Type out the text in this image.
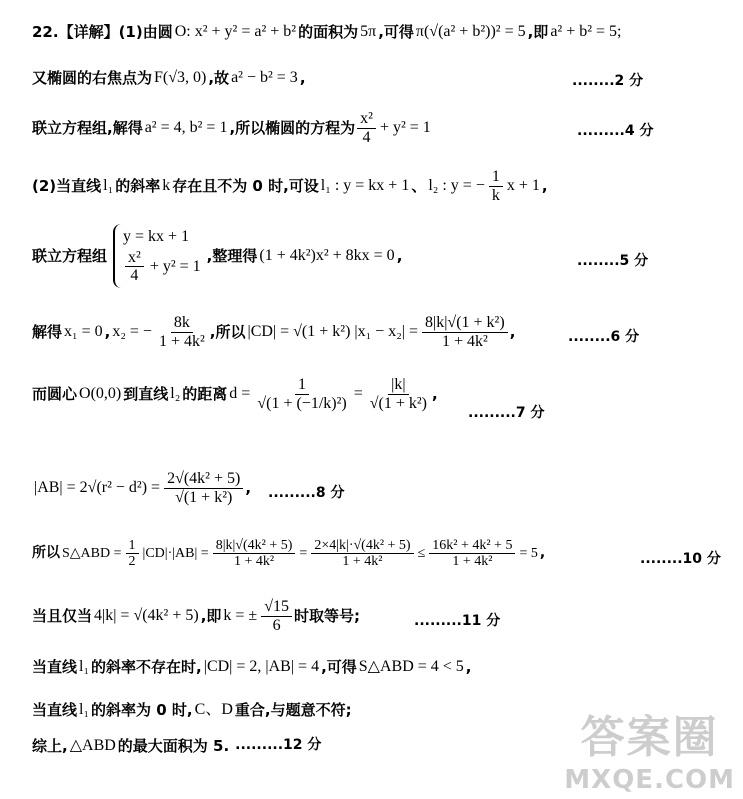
22.【详解】(1)由圆 O: x² + y² = a² + b² 的面积为 5π ,可得 π(√(a² + b²))² = 5 ,即 a² + b² = 5;
又椭圆的右焦点为 F(√3, 0) ,故 a² − b² = 3 ,	........2 分
联立方程组,解得 a² = 4, b² = 1 ,所以椭圆的方程为 $\frac{\text{x²}}{4} + y^2 = 1$	.........4 分
(2)当直线 l₁ 的斜率 k 存在且不为 0 时,可设 l₁ : y = kx + 1 、 l₂ : y = − $\frac{1}{k}$ x + 1 ,
联立方程组
y = kx + 1
$\frac{\text{x²}}{4} + y^2 = 1$
,整理得 (1 + 4k²)x² + 8kx = 0 ,	........5 分
解得 x₁ = 0 , x₂ = − $\frac{8k}{\text{1 + 4k²}}$ ,所以 |CD| = √(1 + k²) $|x_1 - x_2| = \frac{\text{8|k|√(1 + k²)}}{\text{1 + 4k²}}$ ,	........6 分
而圆心 O(0,0) 到直线 l₂ 的距离 $d = \frac{1}{\text{√(1 + (−1/k)²)}} = \frac{|k|}{\text{√(1 + k²)}}$ ,
.........7 分
$|AB| = 2√(r^2 - d^2) = \frac{\text{2√(4k² + 5)}}{\text{√(1 + k²)}}$ , .........8 分
所以 S△ABD = $\frac{1}{2} |CD|\cdot|AB| = \frac{\text{8|k|√(4k² + 5)}}{\text{1 + 4k²}} = \frac{\text{2×4|k|·√(4k² + 5)}}{\text{1 + 4k²}} \le \frac{\text{16k² + 4k² + 5}}{\text{1 + 4k²}} = 5$ ,	........10 分
当且仅当 4|k| = √(4k² + 5) ,即 k = ± $\frac{√15}{6}$ 时取等号;	.........11 分
当直线 l₁ 的斜率不存在时, |CD| = 2, |AB| = 4 ,可得 S△ABD = 4 < 5 ,
当直线 l₁ 的斜率为 0 时, C、D 重合,与题意不符;
综上, △ABD 的最大面积为 5. .........12 分	答案圈
MXQE.COM
